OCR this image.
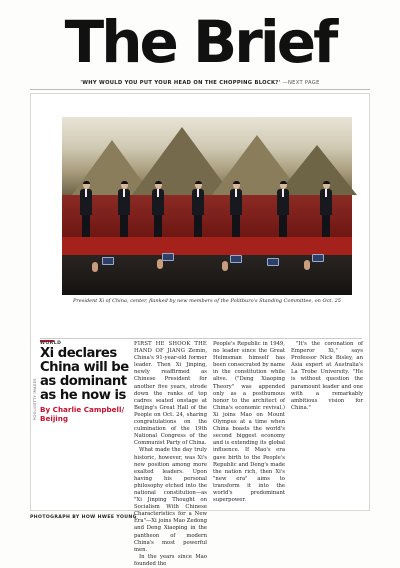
The Brief
'WHY WOULD YOU PUT YOUR HEAD ON THE CHOPPING BLOCK?' —NEXT PAGE
President Xi of China, center, flanked by new members of the Politburo's Standing Committee, on Oct. 25
WORLD
Xi declares China will be as dominant as he now is
By Charlie Campbell/ Beijing

FIRST HE SHOOK THE HAND OF JIANG Zemin, China's 91-year-old former leader. Then Xi Jinping, newly reaffirmed as Chinese President for another five years, strode down the ranks of top cadres seated onstage at Beijing's Great Hall of the People on Oct. 24, sharing congratulations on the culmination of the 19th National Congress of the Communist Party of China.

What made the day truly historic, however, was Xi's new position among more exalted leaders. Upon having his personal philosophy etched into the national constitution—as "Xi Jinping Thought on Socialism With Chinese Characteristics for a New Era"—Xi joins Mao Zedong and Deng Xiaoping in the pantheon of modern China's most powerful men.

In the years since Mao founded the

People's Republic in 1949, no leader since the Great Helmsman himself has been consecrated by name in the constitution while alive. ("Deng Xiaoping Theory" was appended only as a posthumous honor to the architect of China's economic revival.) Xi joins Mao on Mount Olympus at a time when China boasts the world's second biggest economy and is extending its global influence. If Mao's era gave birth to the People's Republic and Deng's made the nation rich, then Xi's "new era" aims to transform it into the world's predominant superpower.

"It's the coronation of Emperor Xi," says Professor Nick Bisley, an Asia expert at Australia's La Trobe University. "He is without question the paramount leader and one with a remarkably ambitious vision for China."

POOL/GETTY IMAGES
PHOTOGRAPH BY HOW HWEE YOUNG
